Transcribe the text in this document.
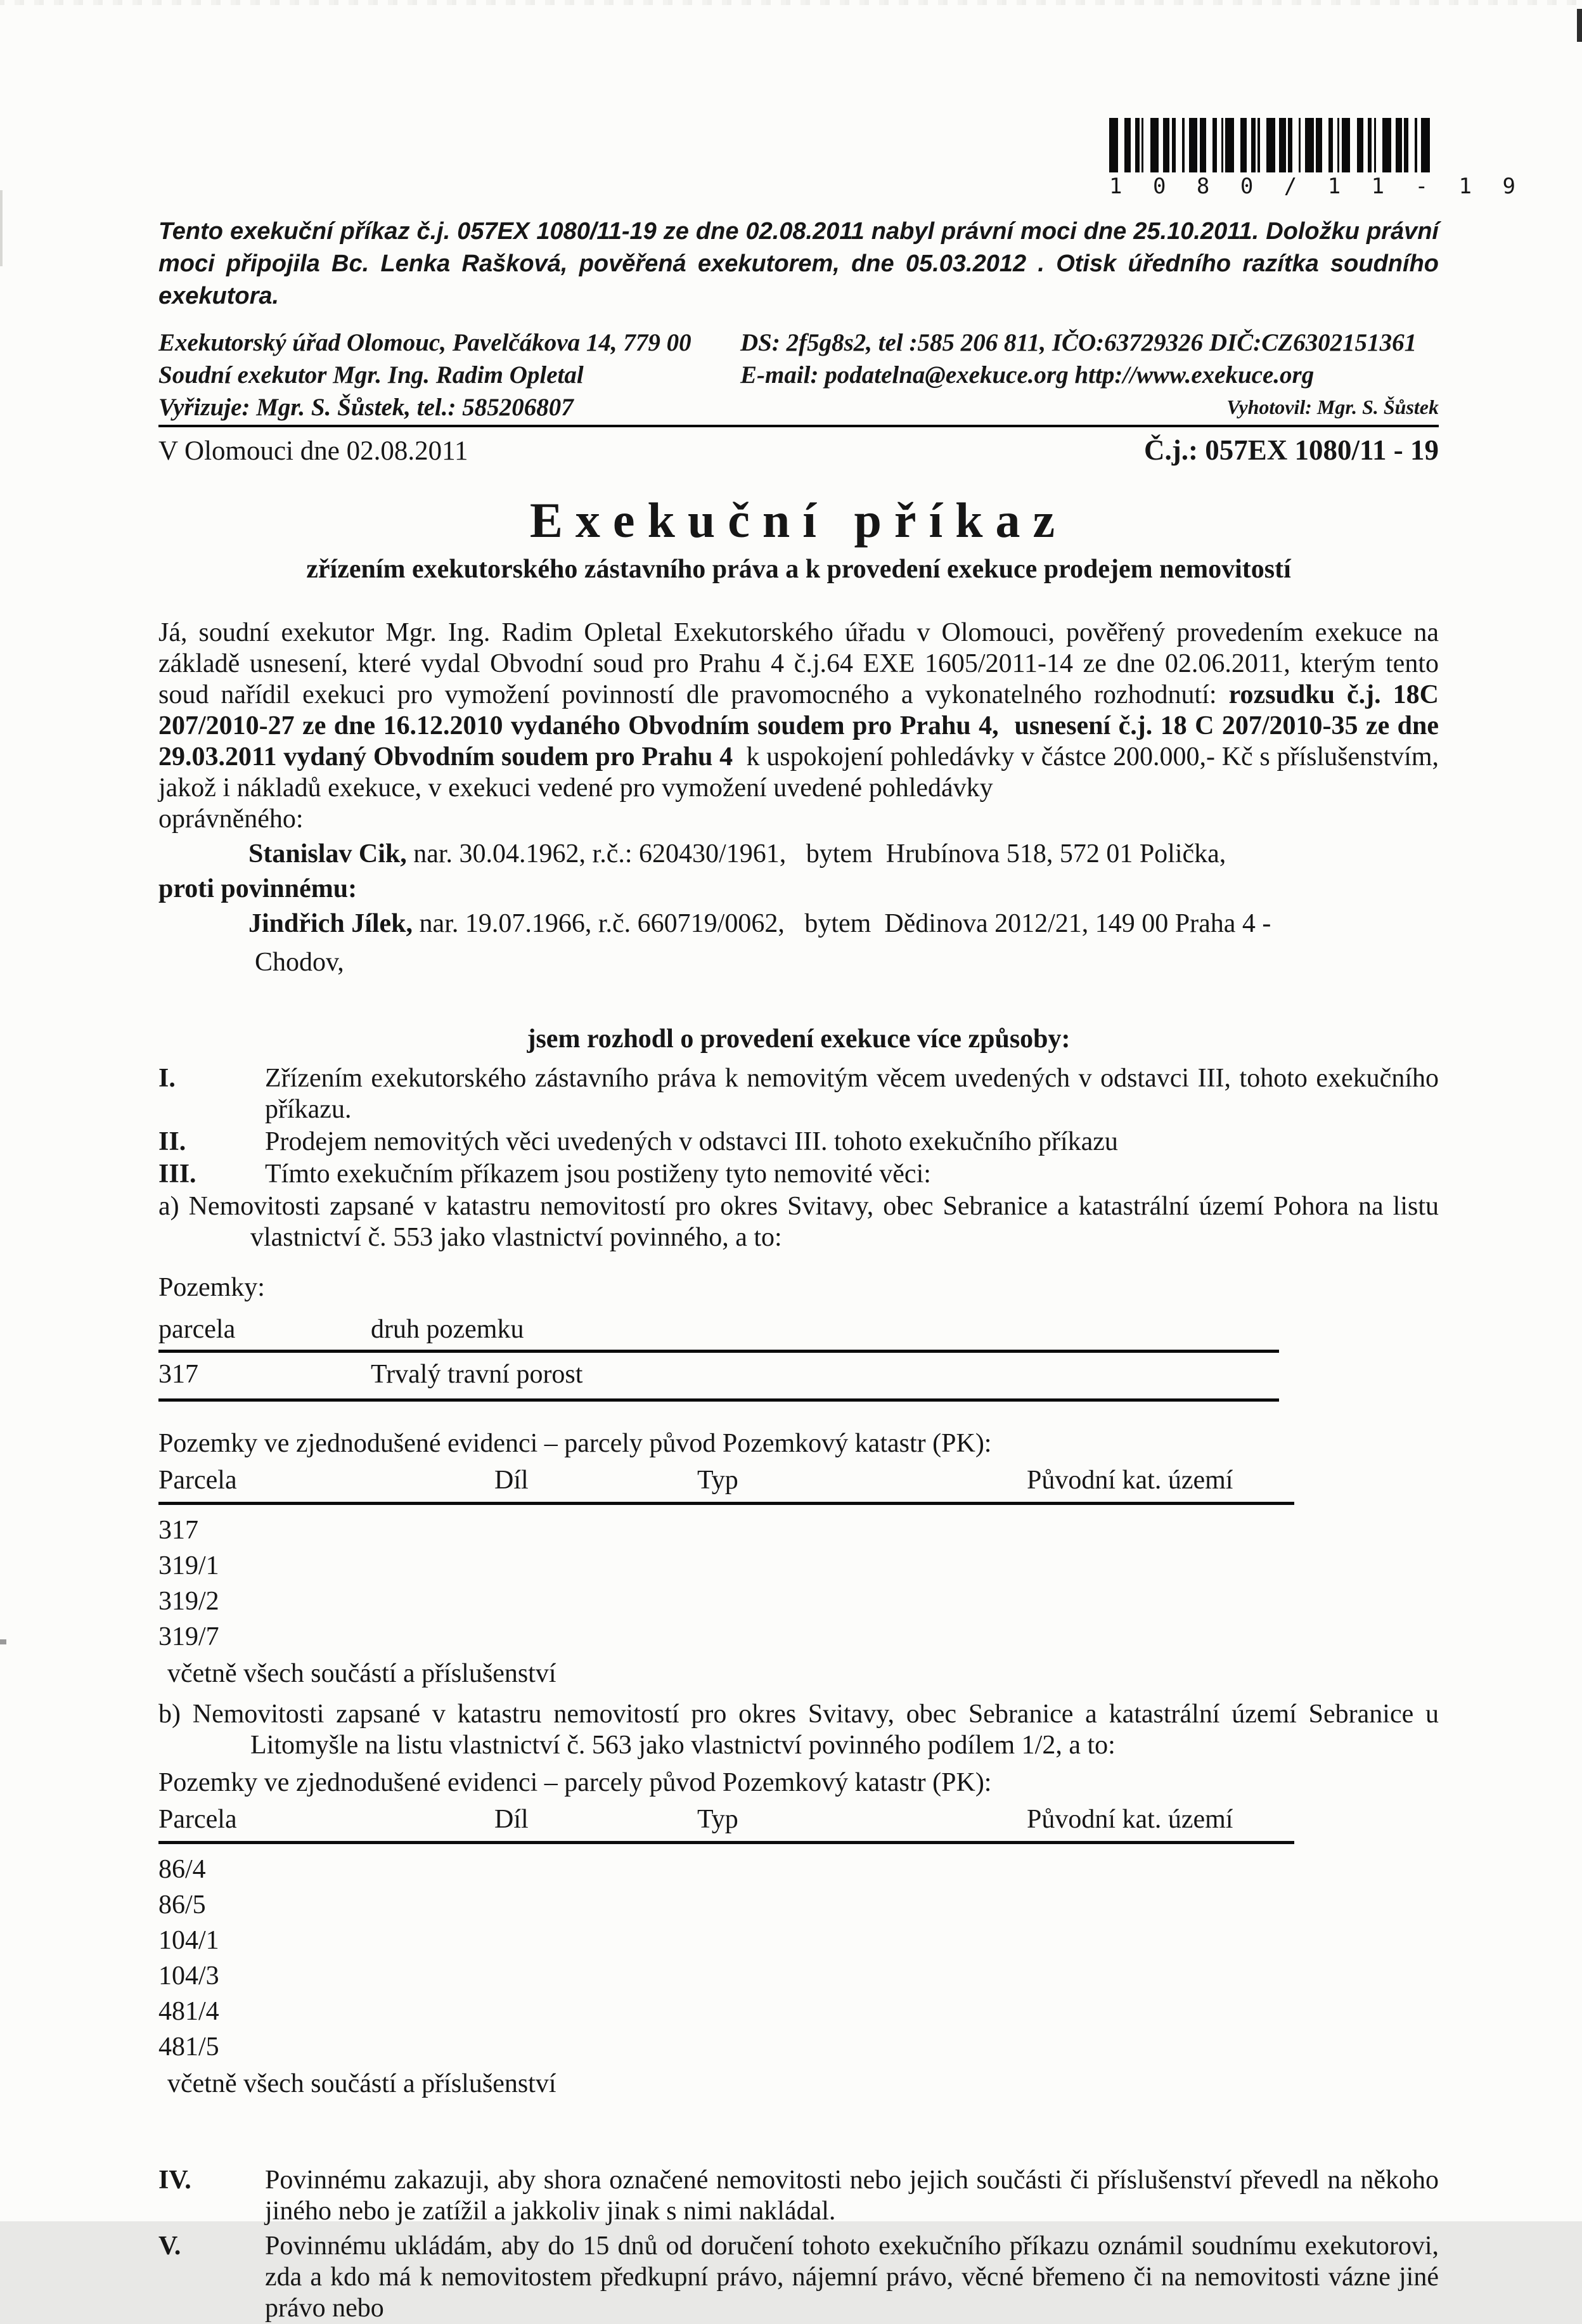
1 0 8 0 / 1 1 - 1 9
Tento exekuční příkaz č.j. 057EX 1080/11-19 ze dne 02.08.2011 nabyl právní moci dne 25.10.2011. Doložku právní moci připojila Bc. Lenka Rašková, pověřená exekutorem, dne 05.03.2012 . Otisk úředního razítka soudního exekutora.
Exekutorský úřad Olomouc, Pavelčákova 14, 779 00
Soudní exekutor Mgr. Ing. Radim Opletal
Vyřizuje: Mgr. S. Šůstek, tel.: 585206807
DS: 2f5g8s2, tel :585 206 811, IČO:63729326 DIČ:CZ6302151361
E-mail: podatelna@exekuce.org http://www.exekuce.org
Vyhotovil: Mgr. S. Šůstek
V Olomouci dne 02.08.2011	Č.j.: 057EX 1080/11 - 19
Exekuční příkaz
zřízením exekutorského zástavního práva a k provedení exekuce prodejem nemovitostí
Já, soudní exekutor Mgr. Ing. Radim Opletal Exekutorského úřadu v Olomouci, pověřený provedením exekuce na základě usnesení, které vydal Obvodní soud pro Prahu 4 č.j.64 EXE 1605/2011-14 ze dne 02.06.2011, kterým tento soud nařídil exekuci pro vymožení povinností dle pravomocného a vykonatelného rozhodnutí: rozsudku č.j. 18C 207/2010-27 ze dne 16.12.2010 vydaného Obvodním soudem pro Prahu 4,  usnesení č.j. 18 C 207/2010-35 ze dne 29.03.2011 vydaný Obvodním soudem pro Prahu 4  k uspokojení pohledávky v částce 200.000,- Kč s příslušenstvím, jakož i nákladů exekuce, v exekuci vedené pro vymožení uvedené pohledávky
oprávněného:
Stanislav Cik, nar. 30.04.1962, r.č.: 620430/1961,   bytem  Hrubínova 518, 572 01 Polička,
proti povinnému:
Jindřich Jílek, nar. 19.07.1966, r.č. 660719/0062,   bytem  Dědinova 2012/21, 149 00 Praha 4 -
Chodov,
jsem rozhodl o provedení exekuce více způsoby:
I.	Zřízením exekutorského zástavního práva k nemovitým věcem uvedených v odstavci III, tohoto exekučního příkazu.
II.	Prodejem nemovitých věci uvedených v odstavci III. tohoto exekučního příkazu
III.	Tímto exekučním příkazem jsou postiženy tyto nemovité věci:
a) Nemovitosti zapsané v katastru nemovitostí pro okres Svitavy, obec Sebranice a katastrální území Pohora na listu vlastnictví č. 553 jako vlastnictví povinného, a to:
Pozemky:
parcela	druh pozemku
317	Trvalý travní porost
Pozemky ve zjednodušené evidenci – parcely původ Pozemkový katastr (PK):
Parcela	Díl	Typ	Původní kat. území
317
319/1
319/2
319/7
včetně všech součástí a příslušenství
b) Nemovitosti zapsané v katastru nemovitostí pro okres Svitavy, obec Sebranice a katastrální území Sebranice u Litomyšle na listu vlastnictví č. 563 jako vlastnictví povinného podílem 1/2, a to:
Pozemky ve zjednodušené evidenci – parcely původ Pozemkový katastr (PK):
Parcela	Díl	Typ	Původní kat. území
86/4
86/5
104/1
104/3
481/4
481/5
včetně všech součástí a příslušenství
IV.	Povinnému zakazuji, aby shora označené nemovitosti nebo jejich součásti či příslušenství převedl na někoho jiného nebo je zatížil a jakkoliv jinak s nimi nakládal.
V.	Povinnému ukládám, aby do 15 dnů od doručení tohoto exekučního příkazu oznámil soudnímu exekutorovi, zda a kdo má k nemovitostem předkupní právo, nájemní právo, věcné břemeno či na nemovitosti vázne jiné právo nebo
